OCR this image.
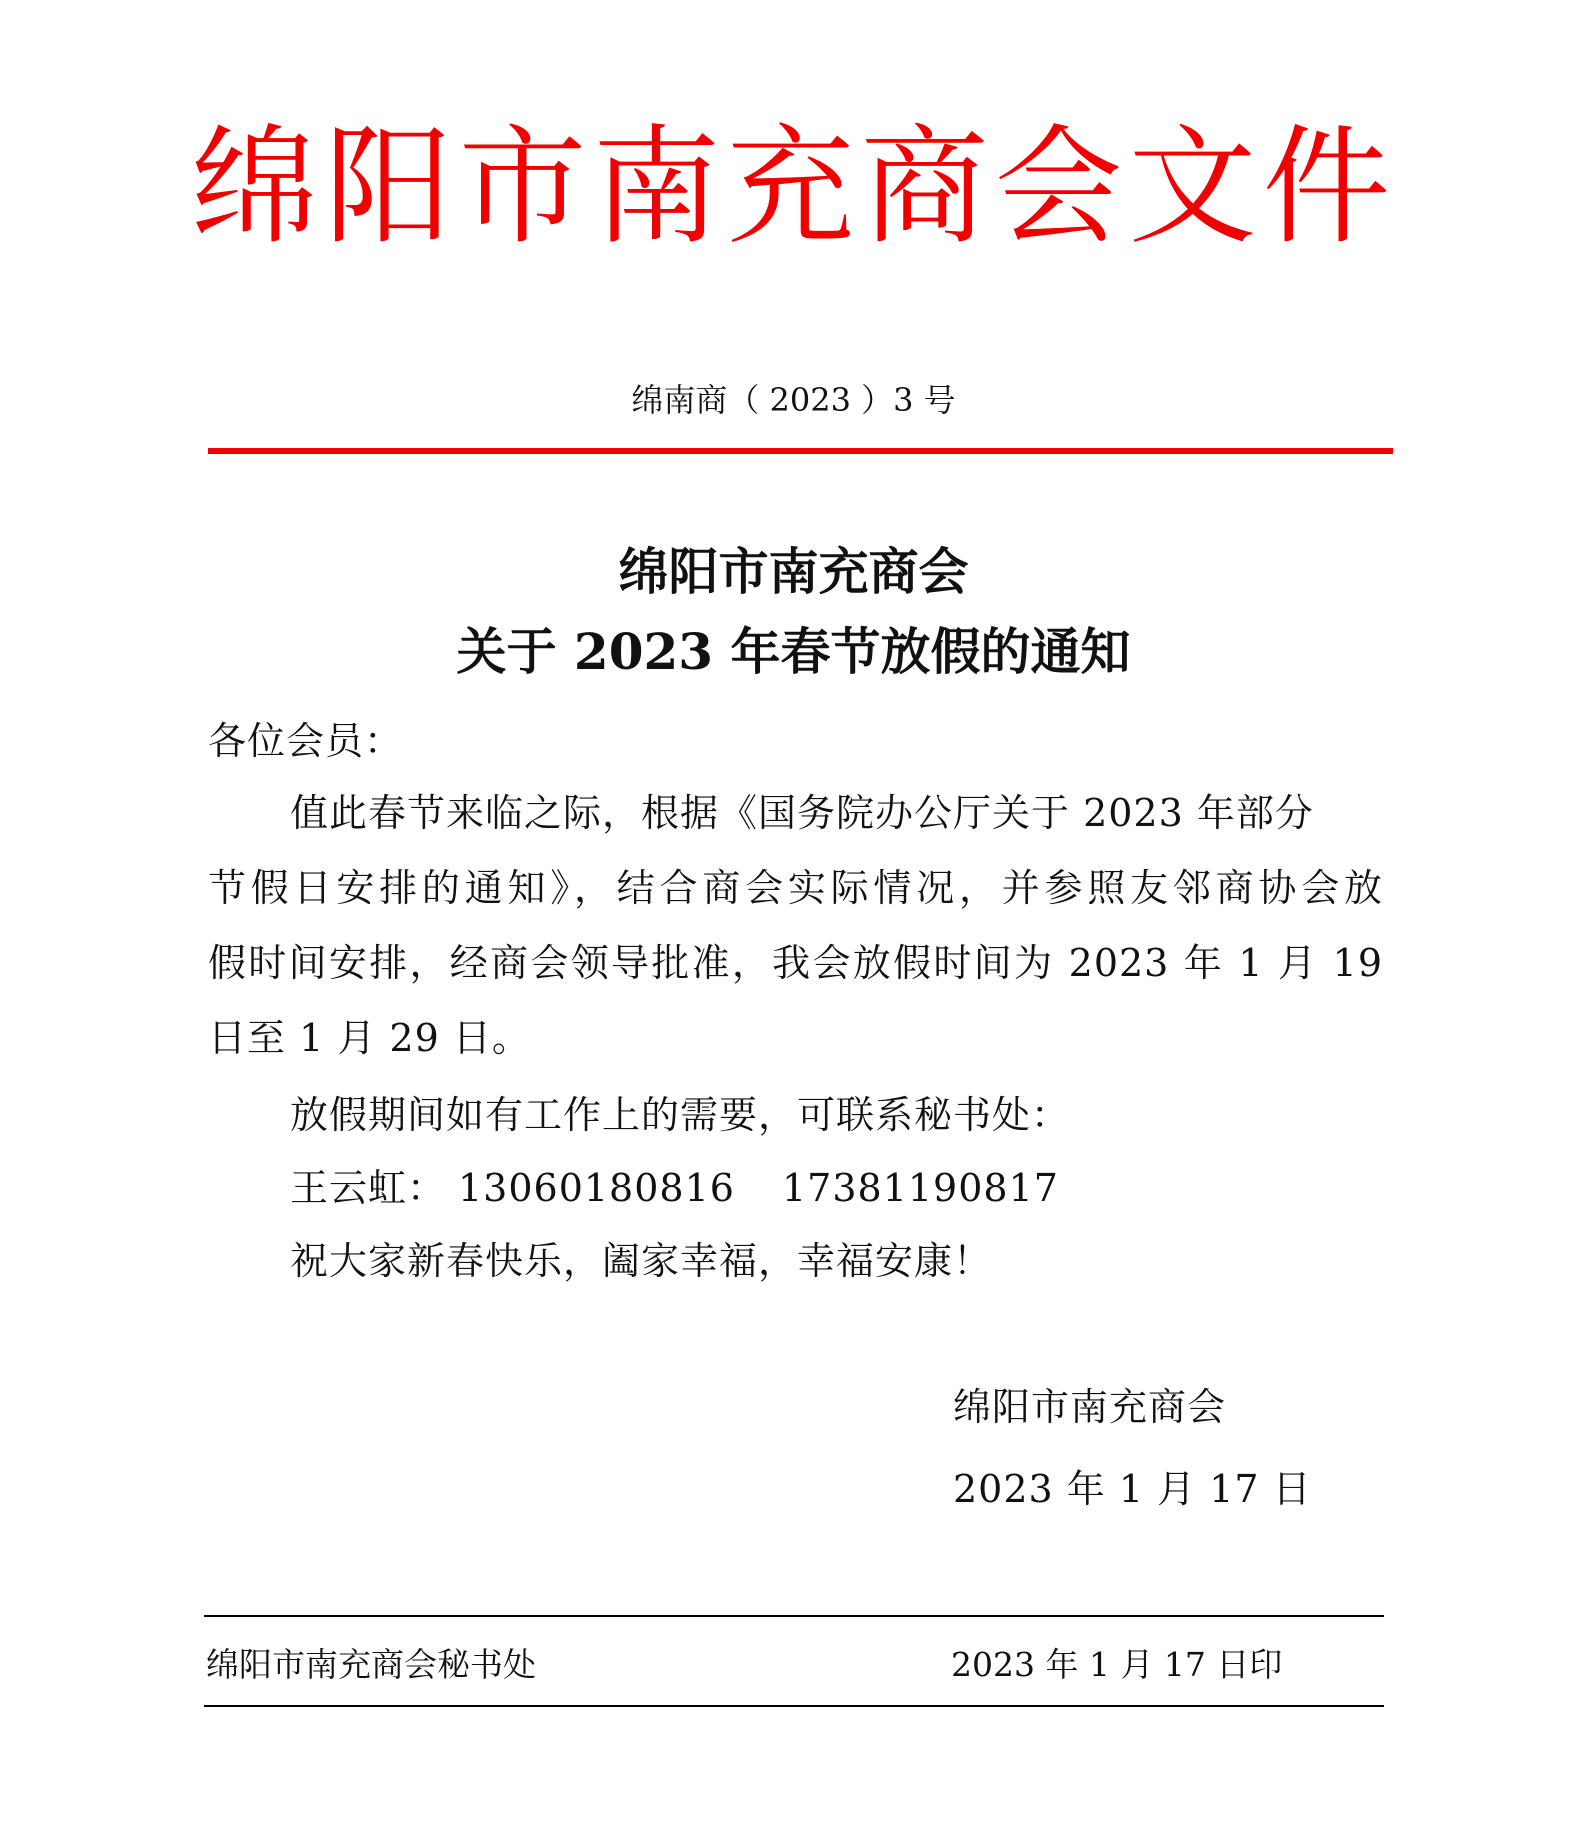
绵阳市南充商会文件
绵南商（ 2023 ）3 号
绵阳市南充商会
关于 2023 年春节放假的通知
各位会员：
值此春节来临之际，根据《国务院办公厅关于 2023 年部分
节假日安排的通知》，结合商会实际情况，并参照友邻商协会放
假时间安排，经商会领导批准，我会放假时间为 2023 年 1 月 19
日至 1 月 29 日。
放假期间如有工作上的需要，可联系秘书处：
王云虹： 13060180816 17381190817
祝大家新春快乐，阖家幸福，幸福安康！
绵阳市南充商会
2023 年 1 月 17 日
绵阳市南充商会秘书处	2023 年 1 月 17 日印
